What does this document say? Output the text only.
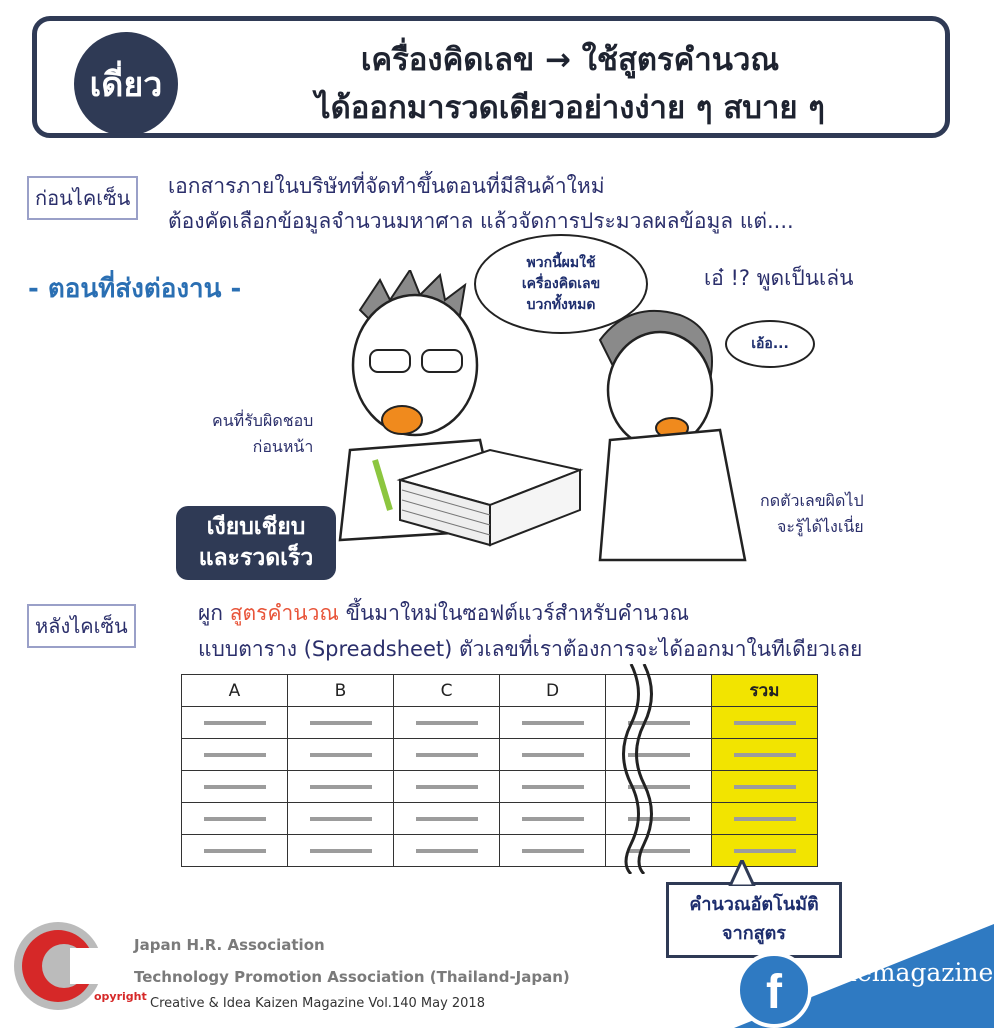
เดี่ยว
เครื่องคิดเลข → ใช้สูตรคำนวณ
ได้ออกมารวดเดียวอย่างง่าย ๆ สบาย ๆ
ก่อนไคเซ็น	เอกสารภายในบริษัทที่จัดทำขึ้นตอนที่มีสินค้าใหม่
ต้องคัดเลือกข้อมูลจำนวนมหาศาล แล้วจัดการประมวลผลข้อมูล แต่....
- ตอนที่ส่งต่องาน -
พวกนี้ผมใช้
เครื่องคิดเลข
บวกทั้งหมด
เอ๋ !? พูดเป็นเล่น
เอ้อ...
คนที่รับผิดชอบ
ก่อนหน้า
กดตัวเลขผิดไป
จะรู้ได้ไงเนี่ย
เงียบเชียบ
และรวดเร็ว
หลังไคเซ็น
ผูก สูตรคำนวณ ขึ้นมาใหม่ในซอฟต์แวร์สำหรับคำนวณ
แบบตาราง (Spreadsheet) ตัวเลขที่เราต้องการจะได้ออกมาในทีเดียวเลย
A	B	C	D		รวม

คำนวณอัตโนมัติ
จากสูตร
opyright
Japan H.R. Association
Technology Promotion Association (Thailand-Japan)
Creative & Idea Kaizen Magazine Vol.140 May 2018	f tpaemagazine
